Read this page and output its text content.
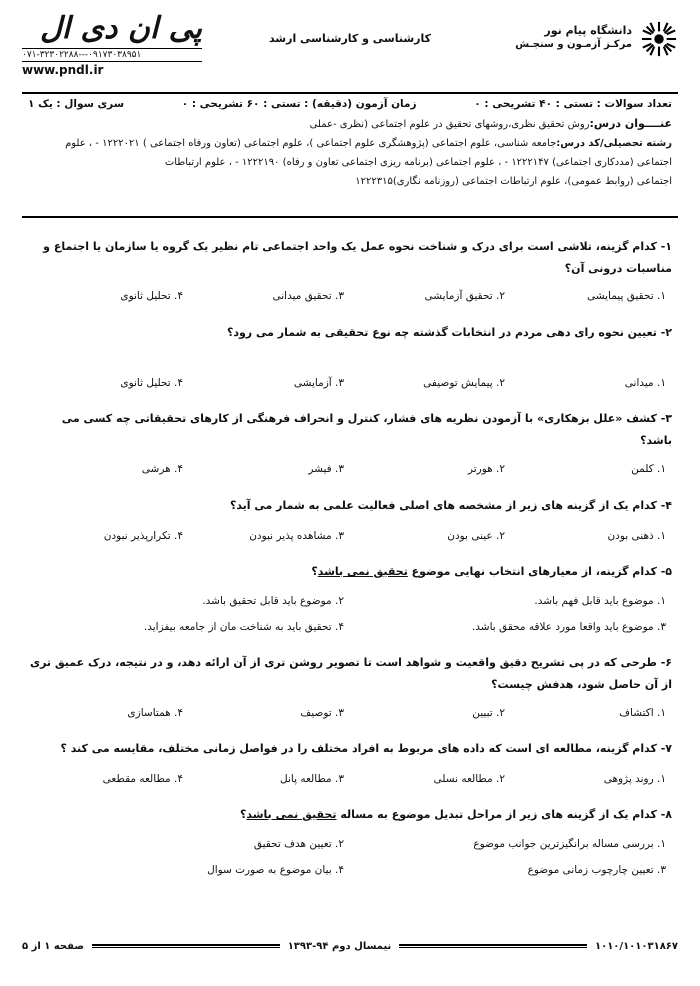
دانشگاه پیام نور
مرکـز آزمـون و سنجـش
کارشناسی و کارشناسی ارشد
پی ان دی ال
۰۷۱-۳۲۳۰۲۲۸۸---۰۹۱۷۳۰۳۸۹۵۱
www.pndl.ir
تعداد سوالات : تستی : ۴۰ تشریحی : ۰
زمان آزمون (دقیقه) : تستی : ۶۰ تشریحی : ۰
سری سوال : یک ۱
عنــــوان درس:روش تحقیق نظری،روشهای تحقیق در علوم اجتماعی (نظری -عملی
رشته تحصیلی/کد درس:جامعه شناسی، علوم اجتماعی (پژوهشگری علوم اجتماعی )، علوم اجتماعی (تعاون ورفاه اجتماعی ) ۱۲۲۲۰۲۱ - ، علوم
اجتماعی (مددکاری اجتماعی) ۱۲۲۲۱۴۷ - ، علوم اجتماعی (برنامه ریزی اجتماعی تعاون و رفاه) ۱۲۲۲۱۹۰ - ، علوم ارتباطات
اجتماعی (روابط عمومی)، علوم ارتباطات اجتماعی (روزنامه نگاری)۱۲۲۲۳۱۵
۱- کدام گزینه، تلاشی است برای درک و شناخت نحوه عمل یک واحد اجتماعی تام نظیر یک گروه یا سازمان یا اجتماع و مناسبات درونی آن؟
۱. تحقیق پیمایشی
۲. تحقیق آزمایشی
۳. تحقیق میدانی
۴. تحلیل ثانوی
۲- تعیین نحوه رای دهی مردم در انتخابات گذشته چه نوع تحقیقی به شمار می رود؟
۱. میدانی
۲. پیمایش توصیفی
۳. آزمایشی
۴. تحلیل ثانوی
۳- کشف «علل بزهکاری» با آزمودن نظریه های فشار، کنترل و انحراف فرهنگی از کارهای تحقیقاتی چه کسی می باشد؟
۱. کلمن
۲. هورتر
۳. فیشر
۴. هرشی
۴- کدام یک از گزینه های زیر از مشخصه های اصلی فعالیت علمی به شمار می آید؟
۱. ذهنی بودن
۲. عینی بودن
۳. مشاهده پذیر نبودن
۴. تکرارپذیر نبودن
۵- کدام گزینه، از معیارهای انتخاب نهایی موضوع تحقیق نمی باشد؟
۱. موضوع باید قابل فهم باشد.
۲. موضوع باید قابل تحقیق باشد.
۳. موضوع باید واقعا مورد علاقه محقق باشد.
۴. تحقیق باید به شناخت مان از جامعه بیفزاید.
۶- طرحی که در پی تشریح دقیق واقعیت و شواهد است تا تصویر روشن تری از آن ارائه دهد، و در نتیجه، درک عمیق تری از آن حاصل شود، هدفش چیست؟
۱. اکتشاف
۲. تبیین
۳. توصیف
۴. همتاسازی
۷- کدام گزینه، مطالعه ای است که داده های مربوط به افراد مختلف را در فواصل زمانی مختلف، مقایسه می کند ؟
۱. روند پژوهی
۲. مطالعه نسلی
۳. مطالعه پانل
۴. مطالعه مقطعی
۸- کدام یک از گزینه های زیر از مراحل تبدیل موضوع به مساله تحقیق نمی باشد؟
۱. بررسی مساله برانگیزترین جوانب موضوع
۲. تعیین هدف تحقیق
۳. تعیین چارچوب زمانی موضوع
۴. بیان موضوع به صورت سوال
۱۰۱۰/۱۰۱۰۳۱۸۶۷
نیمسال دوم ۹۴-۱۳۹۳
صفحه ۱ از ۵
